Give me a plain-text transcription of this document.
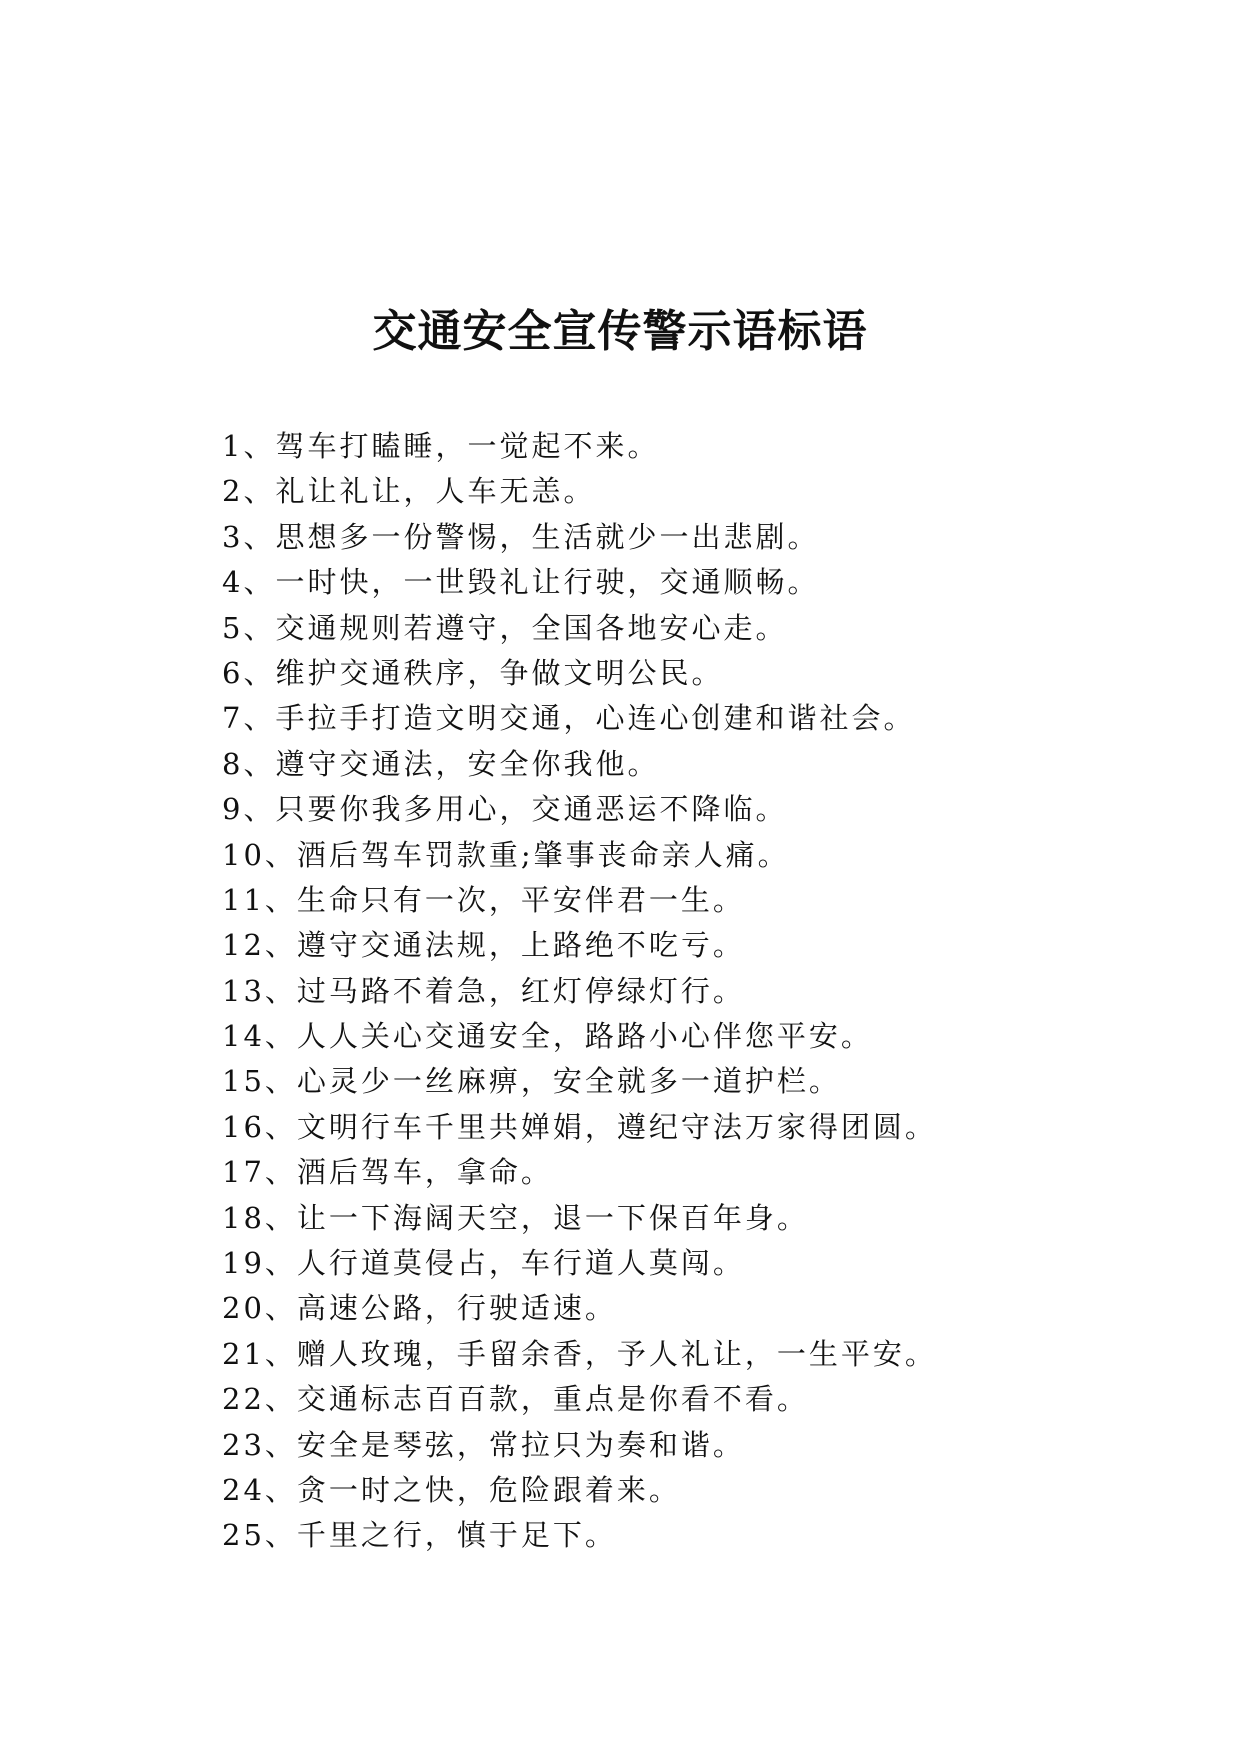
交通安全宣传警示语标语
1、驾车打瞌睡，一觉起不来。
2、礼让礼让，人车无恙。
3、思想多一份警惕，生活就少一出悲剧。
4、一时快，一世毁礼让行驶，交通顺畅。
5、交通规则若遵守，全国各地安心走。
6、维护交通秩序，争做文明公民。
7、手拉手打造文明交通，心连心创建和谐社会。
8、遵守交通法，安全你我他。
9、只要你我多用心，交通恶运不降临。
10、酒后驾车罚款重;肇事丧命亲人痛。
11、生命只有一次，平安伴君一生。
12、遵守交通法规，上路绝不吃亏。
13、过马路不着急，红灯停绿灯行。
14、人人关心交通安全，路路小心伴您平安。
15、心灵少一丝麻痹，安全就多一道护栏。
16、文明行车千里共婵娟，遵纪守法万家得团圆。
17、酒后驾车，拿命。
18、让一下海阔天空，退一下保百年身。
19、人行道莫侵占，车行道人莫闯。
20、高速公路，行驶适速。
21、赠人玫瑰，手留余香，予人礼让，一生平安。
22、交通标志百百款，重点是你看不看。
23、安全是琴弦，常拉只为奏和谐。
24、贪一时之快，危险跟着来。
25、千里之行，慎于足下。
